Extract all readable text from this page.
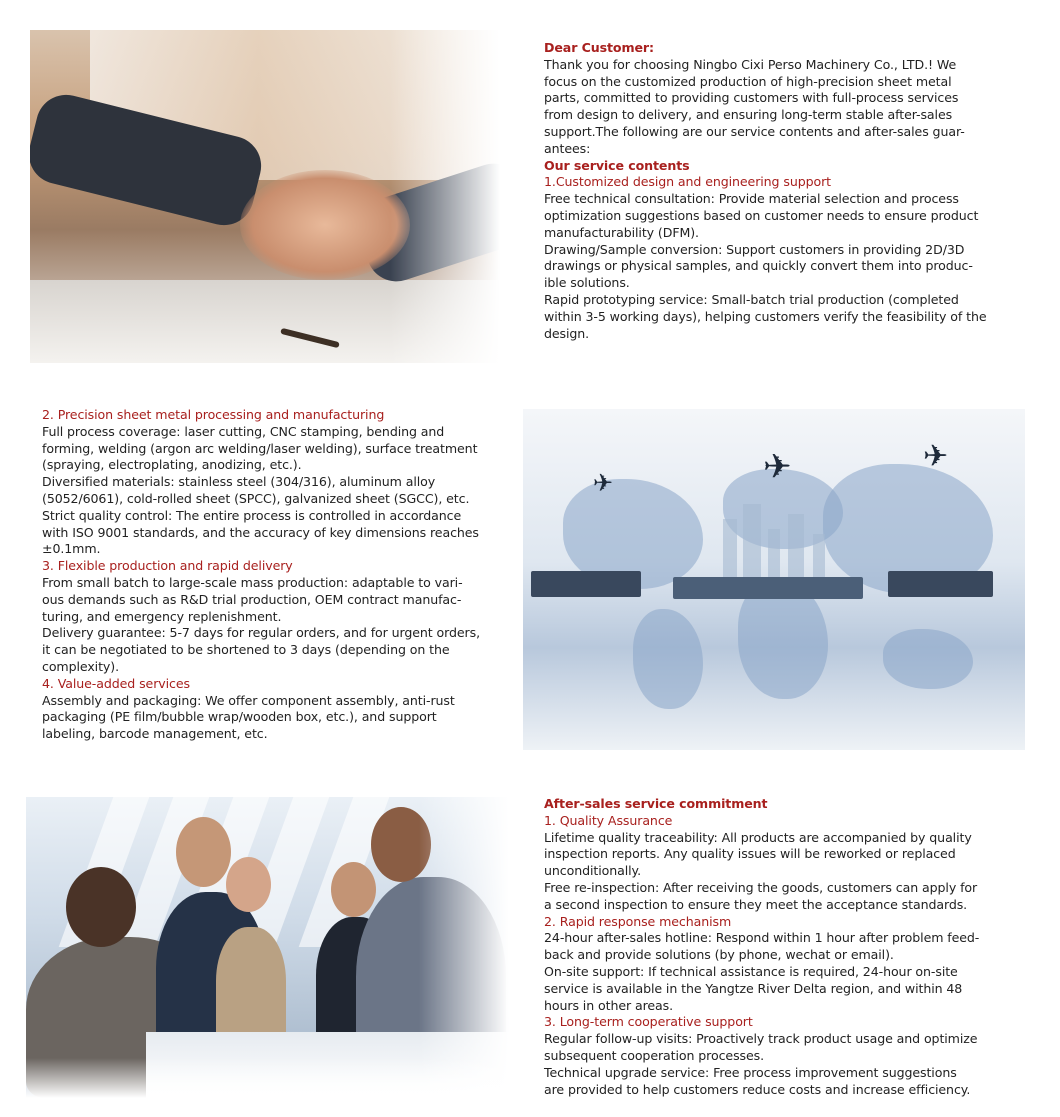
Dear Customer:

Thank you for choosing Ningbo Cixi Perso Machinery Co., LTD.! We

focus on the customized production of high-precision sheet metal

parts, committed to providing customers with full-process services

from design to delivery, and ensuring long-term stable after-sales

support.The following are our service contents and after-sales guar-

antees:

Our service contents

1.Customized design and engineering support

Free technical consultation: Provide material selection and process

optimization suggestions based on customer needs to ensure product

manufacturability (DFM).

Drawing/Sample conversion: Support customers in providing 2D/3D

drawings or physical samples, and quickly convert them into produc-

ible solutions.

Rapid prototyping service: Small-batch trial production (completed

within 3-5 working days), helping customers verify the feasibility of the

design.

2. Precision sheet metal processing and manufacturing

Full process coverage: laser cutting, CNC stamping, bending and

forming, welding (argon arc welding/laser welding), surface treatment

(spraying, electroplating, anodizing, etc.).

Diversified materials: stainless steel (304/316), aluminum alloy

(5052/6061), cold-rolled sheet (SPCC), galvanized sheet (SGCC), etc.

Strict quality control: The entire process is controlled in accordance

with ISO 9001 standards, and the accuracy of key dimensions reaches

±0.1mm.

3. Flexible production and rapid delivery

From small batch to large-scale mass production: adaptable to vari-

ous demands such as R&D trial production, OEM contract manufac-

turing, and emergency replenishment.

Delivery guarantee: 5-7 days for regular orders, and for urgent orders,

it can be negotiated to be shortened to 3 days (depending on the

complexity).

4. Value-added services

Assembly and packaging: We offer component assembly, anti-rust

packaging (PE film/bubble wrap/wooden box, etc.), and support

labeling, barcode management, etc.

✈	✈
✈

After-sales service commitment

1. Quality Assurance

Lifetime quality traceability: All products are accompanied by quality

inspection reports. Any quality issues will be reworked or replaced

unconditionally.

Free re-inspection: After receiving the goods, customers can apply for

a second inspection to ensure they meet the acceptance standards.

2. Rapid response mechanism

24-hour after-sales hotline: Respond within 1 hour after problem feed-

back and provide solutions (by phone, wechat or email).

On-site support: If technical assistance is required, 24-hour on-site

service is available in the Yangtze River Delta region, and within 48

hours in other areas.

3. Long-term cooperative support

Regular follow-up visits: Proactively track product usage and optimize

subsequent cooperation processes.

Technical upgrade service: Free process improvement suggestions

are provided to help customers reduce costs and increase efficiency.
